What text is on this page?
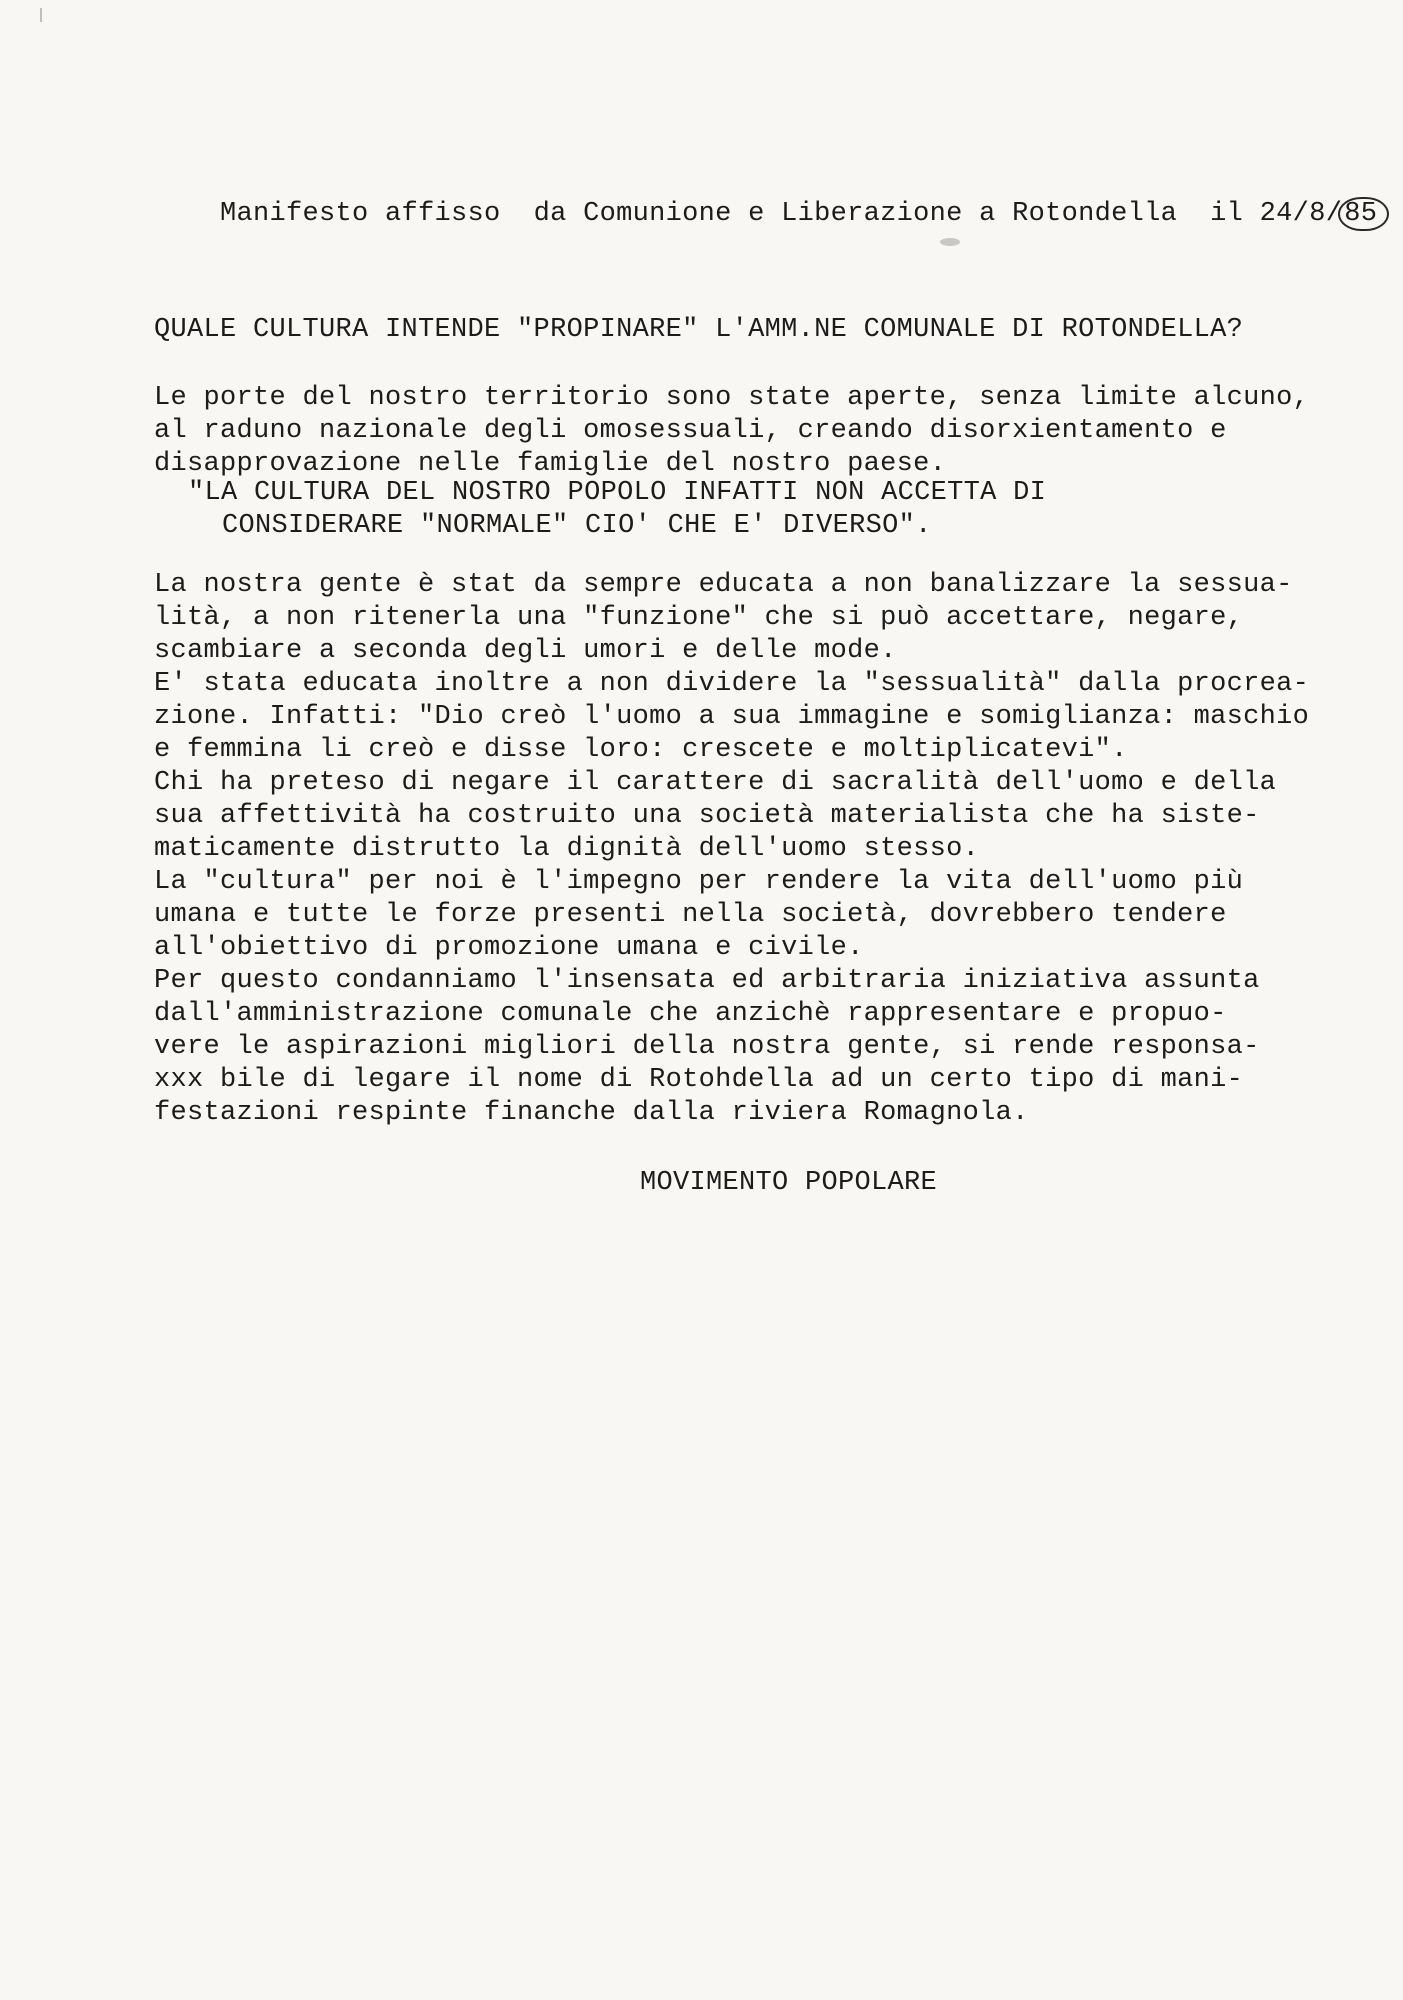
Manifesto affisso  da Comunione e Liberazione a Rotondella  il 24/8/85

QUALE CULTURA INTENDE "PROPINARE" L'AMM.NE COMUNALE DI ROTONDELLA?
Le porte del nostro territorio sono state aperte, senza limite alcuno,
al raduno nazionale degli omosessuali, creando disorxientamento e
disapprovazione nelle famiglie del nostro paese.
"LA CULTURA DEL NOSTRO POPOLO INFATTI NON ACCETTA DI
CONSIDERARE "NORMALE" CIO' CHE E' DIVERSO".
La nostra gente è stat da sempre educata a non banalizzare la sessua-
lità, a non ritenerla una "funzione" che si può accettare, negare,
scambiare a seconda degli umori e delle mode.
E' stata educata inoltre a non dividere la "sessualità" dalla procrea-
zione. Infatti: "Dio creò l'uomo a sua immagine e somiglianza: maschio
e femmina li creò e disse loro: crescete e moltiplicatevi".
Chi ha preteso di negare il carattere di sacralità dell'uomo e della
sua affettività ha costruito una società materialista che ha siste-
maticamente distrutto la dignità dell'uomo stesso.
La "cultura" per noi è l'impegno per rendere la vita dell'uomo più
umana e tutte le forze presenti nella società, dovrebbero tendere
all'obiettivo di promozione umana e civile.
Per questo condanniamo l'insensata ed arbitraria iniziativa assunta
dall'amministrazione comunale che anzichè rappresentare e propuo-
vere le aspirazioni migliori della nostra gente, si rende responsa-
xxx bile di legare il nome di Rotohdella ad un certo tipo di mani-
festazioni respinte finanche dalla riviera Romagnola.
MOVIMENTO POPOLARE
